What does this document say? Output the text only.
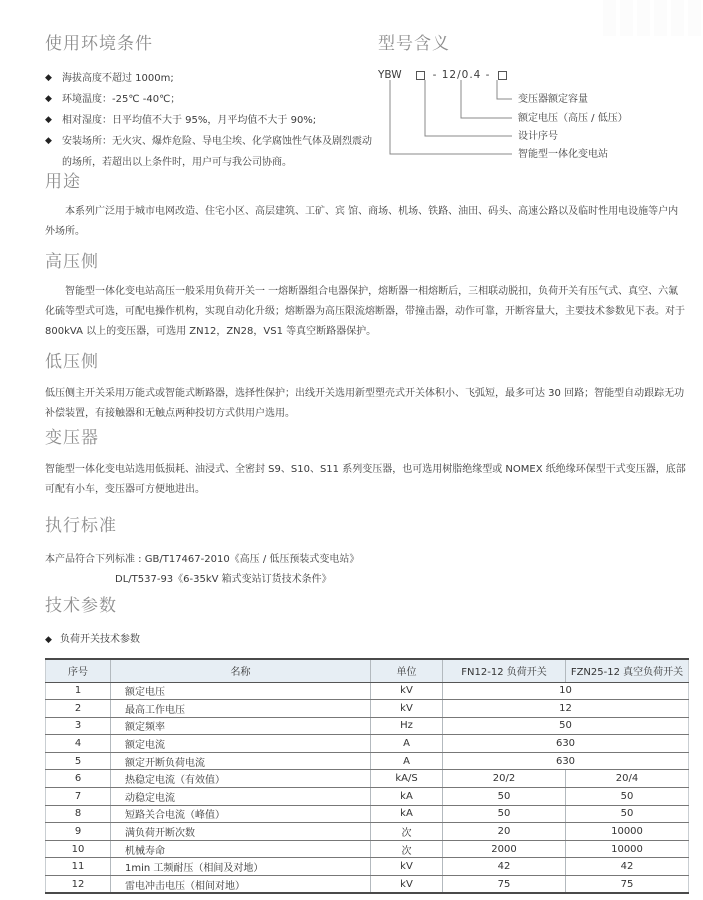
使用环境条件
◆ 海拔高度不超过 1000m;
◆ 环境温度：-25℃ -40℃；
◆ 相对湿度：日平均值不大于 95%，月平均值不大于 90%;
◆ 安装场所：无火灾、爆炸危险、导电尘埃、化学腐蚀性气体及剧烈震动的场所，若超出以上条件时，用户可与我公司协商。
型号含义
YBW	- 12/0.4 -
变压器额定容量
额定电压（高压 / 低压）
设计序号
智能型一体化变电站
用途

本系列广泛用于城市电网改造、住宅小区、高层建筑、工矿、宾 馆、商场、机场、铁路、油田、码头、高速公路以及临时性用电设施等户内外场所。

高压侧

智能型一体化变电站高压一般采用负荷开关一 一熔断器组合电器保护，熔断器一相熔断后，三相联动脱扣，负荷开关有压气式、真空、六氟化硫等型式可选，可配电操作机构，实现自动化升级；熔断器为高压限流熔断器，带撞击器，动作可靠，开断容量大，主要技术参数见下表。对于 800kVA 以上的变压器，可选用 ZN12，ZN28，VS1 等真空断路器保护。

低压侧

低压侧主开关采用万能式或智能式断路器，选择性保护；出线开关选用新型塑壳式开关体积小、飞弧短，最多可达 30 回路；智能型自动跟踪无功补偿装置，有接触器和无触点两种投切方式供用户选用。

变压器

智能型一体化变电站选用低损耗、油浸式、全密封 S9、S10、S11 系列变压器，也可选用树脂绝缘型或 NOMEX 纸绝缘环保型干式变压器，底部可配有小车，变压器可方便地进出。

执行标准
本产品符合下列标准 : GB/T17467-2010《高压 / 低压预装式变电站》
DL/T537-93《6-35kV 箱式变站订货技术条件》
技术参数
◆ 负荷开关技术参数
序号	名称	单位	FN12-12 负荷开关	FZN25-12 真空负荷开关
1	额定电压	kV	10	
2	最高工作电压	kV	12	
3	额定频率	Hz	50	
4	额定电流	A	630	
5	额定开断负荷电流	A	630	
6	热稳定电流（有效值）	kA/S	20/2	20/4
7	动稳定电流	kA	50	50
8	短路关合电流（峰值）	kA	50	50
9	满负荷开断次数	次	20	10000
10	机械寿命	次	2000	10000
11	1min 工频耐压（相间及对地）	kV	42	42
12	雷电冲击电压（相间对地）	kV	75	75
